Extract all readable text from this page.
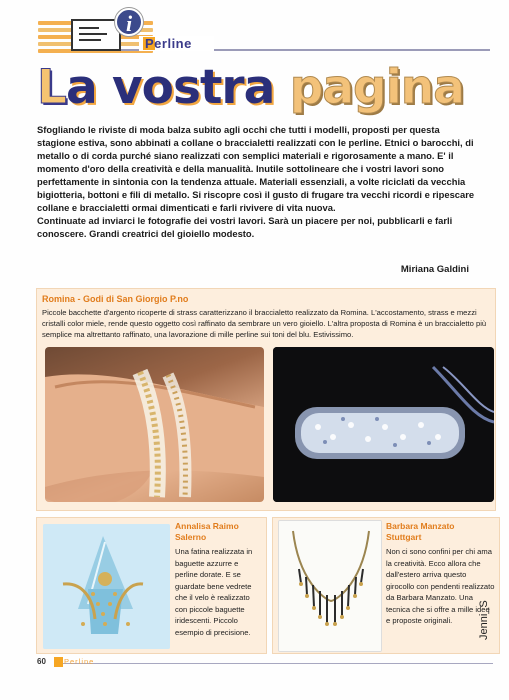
i
Perline
La vostra pagina

Sfogliando le riviste di moda balza subito agli occhi che tutti i modelli, proposti per questa stagione estiva, sono abbinati a collane o braccialetti realizzati con le perline. Etnici o barocchi, di metallo o di corda purché siano realizzati con semplici materiali e rigorosamente a mano. E' il momento d'oro della creatività e della manualità. Inutile sottolineare che i vostri lavori sono perfettamente in sintonia con la tendenza attuale. Materiali essenziali, a volte riciclati da vecchia bigiotteria, bottoni e fili di metallo. Si riscopre così il gusto di frugare tra vecchi ricordi e ripescare collane e braccialetti ormai dimenticati e farli rivivere di vita nuova.

Continuate ad inviarci le fotografie dei vostri lavori. Sarà un piacere per noi, pubblicarli e farli conoscere. Grandi creatrici del gioiello modesto.

Miriana Galdini
Romina - Godi di San Giorgio P.no
Piccole bacchette d'argento ricoperte di strass caratterizzano il braccialetto realizzato da Romina. L'accostamento, strass e mezzi cristalli color miele, rende questo oggetto così raffinato da sembrare un vero gioiello. L'altra proposta di Romina è un braccialetto più semplice ma altrettanto raffinato, una lavorazione di mille perline sui toni del blu. Estivissimo.
Annalisa Raimo
Salerno
Una fatina realizzata in baguette azzurre e perline dorate. E se guardate bene vedrete che il velo è realizzato con piccole baguette iridescenti. Piccolo esempio di precisione.
Barbara Manzato
Stuttgart
Non ci sono confini per chi ama la creatività. Ecco allora che dall'estero arriva questo girocollo con pendenti realizzato da Barbara Manzato. Una tecnica che si offre a mille idee e proposte originali.
60 Perline
Jenni_S
